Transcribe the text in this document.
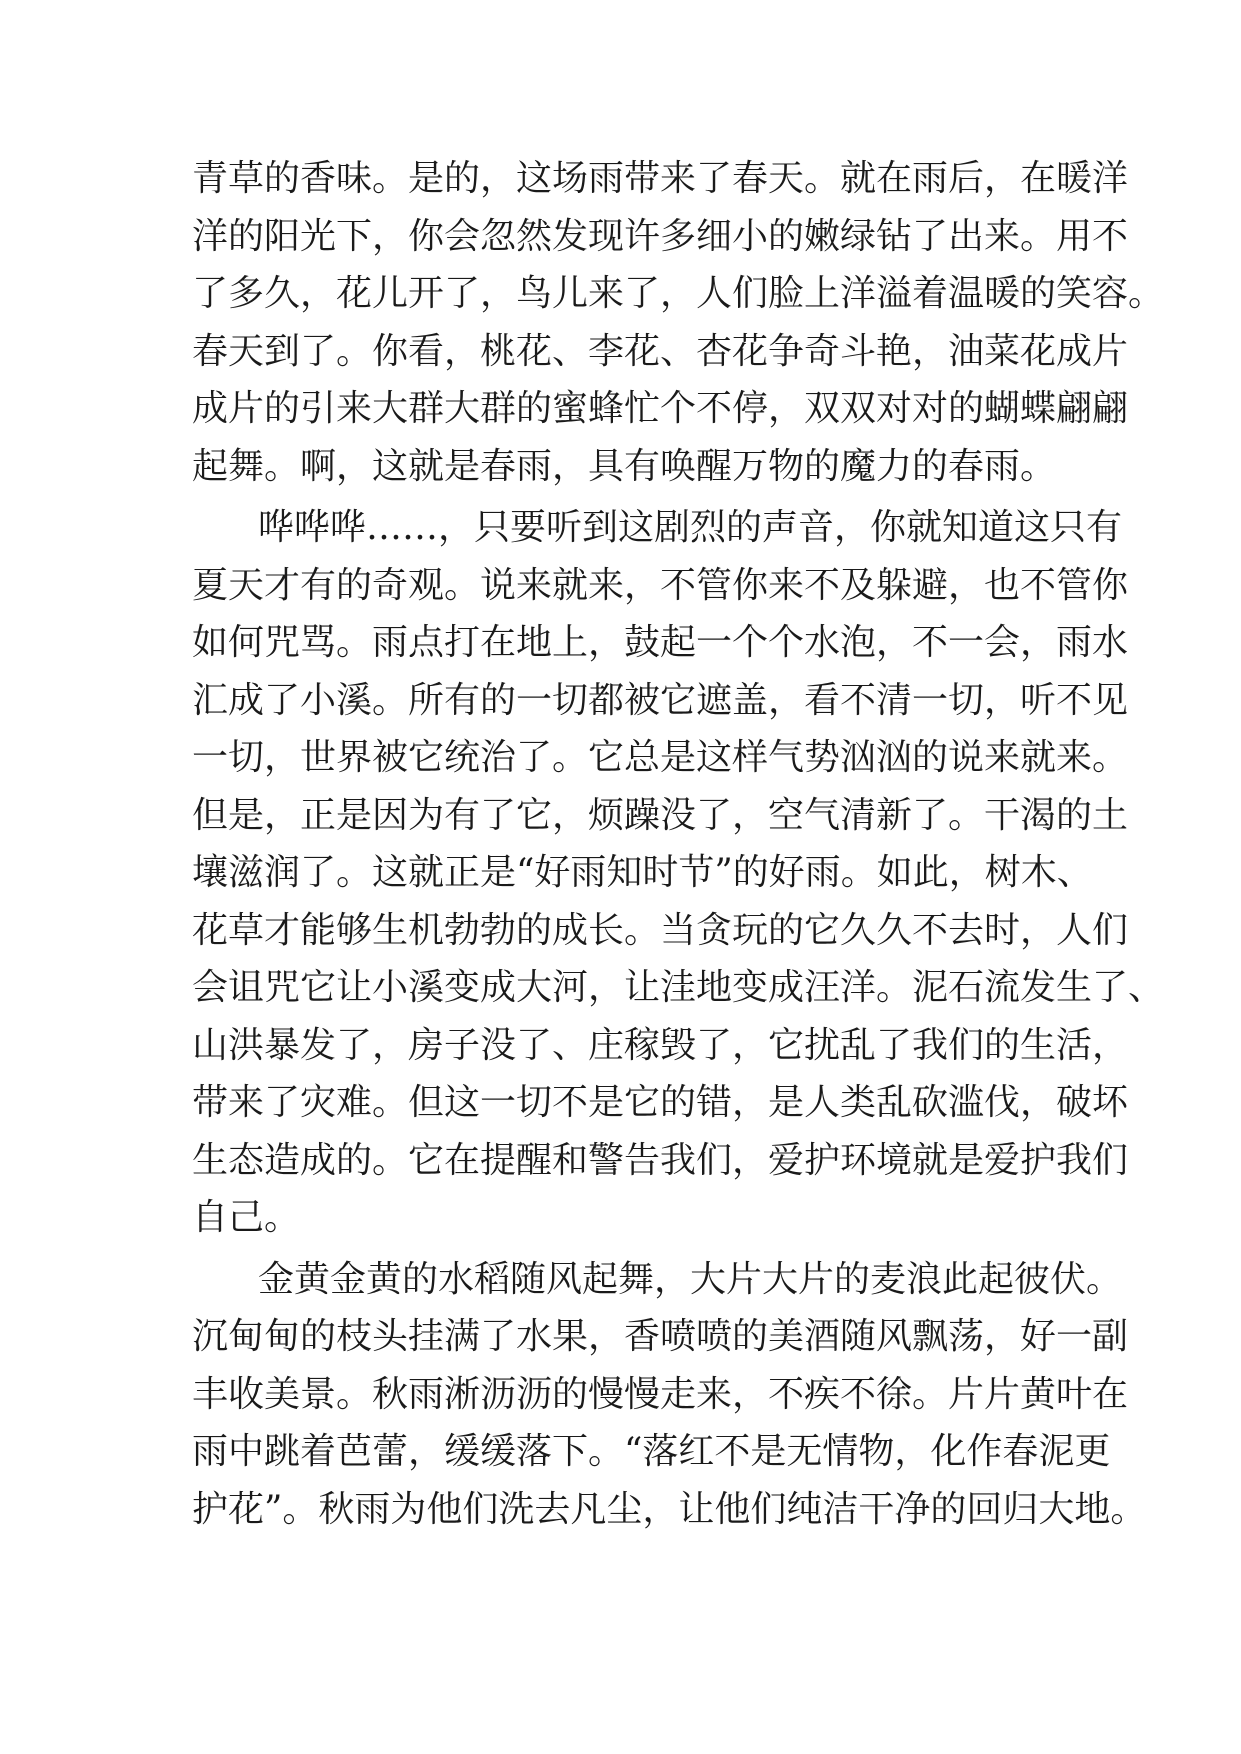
青草的香味。是的，这场雨带来了春天。就在雨后，在暖洋
洋的阳光下，你会忽然发现许多细小的嫩绿钻了出来。用不
了多久，花儿开了，鸟儿来了，人们脸上洋溢着温暖的笑容。
春天到了。你看，桃花、李花、杏花争奇斗艳，油菜花成片
成片的引来大群大群的蜜蜂忙个不停，双双对对的蝴蝶翩翩
起舞。啊，这就是春雨，具有唤醒万物的魔力的春雨。
哗哗哗……，只要听到这剧烈的声音，你就知道这只有
夏天才有的奇观。说来就来，不管你来不及躲避，也不管你
如何咒骂。雨点打在地上，鼓起一个个水泡，不一会，雨水
汇成了小溪。所有的一切都被它遮盖，看不清一切，听不见
一切，世界被它统治了。它总是这样气势汹汹的说来就来。
但是，正是因为有了它，烦躁没了，空气清新了。干渴的土
壤滋润了。这就正是“好雨知时节”的好雨。如此，树木、
花草才能够生机勃勃的成长。当贪玩的它久久不去时，人们
会诅咒它让小溪变成大河，让洼地变成汪洋。泥石流发生了、
山洪暴发了，房子没了、庄稼毁了，它扰乱了我们的生活，
带来了灾难。但这一切不是它的错，是人类乱砍滥伐，破坏
生态造成的。它在提醒和警告我们，爱护环境就是爱护我们
自己。
金黄金黄的水稻随风起舞，大片大片的麦浪此起彼伏。
沉甸甸的枝头挂满了水果，香喷喷的美酒随风飘荡，好一副
丰收美景。秋雨淅沥沥的慢慢走来，不疾不徐。片片黄叶在
雨中跳着芭蕾，缓缓落下。“落红不是无情物，化作春泥更
护花”。秋雨为他们洗去凡尘，让他们纯洁干净的回归大地。
